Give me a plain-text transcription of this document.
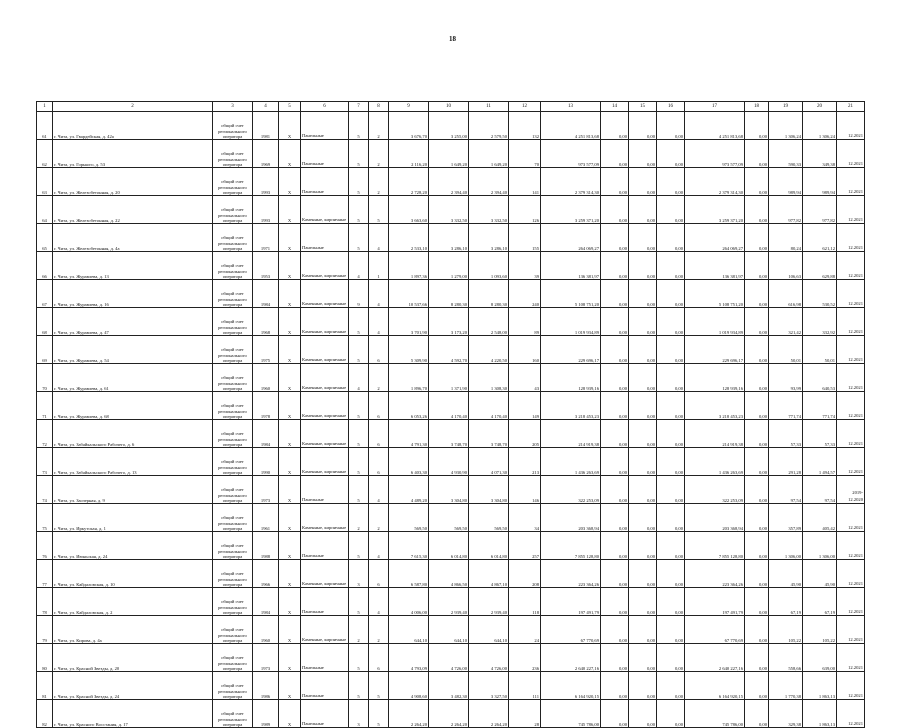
18
1	2	3	4	5	6	7	8	9	10	11	12	13	14	15	16	17	18	19	20	21
61	г. Чита, ул. Гвардейская, д. 42а	общий счет регионального оператора	1981	X	Панельные	5	2	3 676,70	3 255,00	2 579,50	132	4 251 813,68	0,00	0,00	0,00	4 251 813,68	0,00	1 306,24	1 306,24	12.2021
62	г. Чита, ул. Горького, д. 53	общий счет регионального оператора	1969	X	Панельные	5	2	2 116,20	1 649,20	1 649,20	70	973 577,09	0,00	0,00	0,00	973 577,09	0,00	590,33	349,38	12.2021
63	г. Чита, ул. Железобетонная, д. 20	общий счет регионального оператора	1993	X	Панельные	5	2	2 728,20	2 394,40	2 394,40	141	2 379 314,30	0,00	0,00	0,00	2 379 314,30	0,00	989,94	989,94	12.2021
64	г. Чита, ул. Железобетонная, д. 22	общий счет регионального оператора	1993	X	Каменные, кирпичные	5	5	3 663,60	3 332,50	3 332,50	126	3 259 371,20	0,00	0,00	0,00	3 259 371,20	0,00	977,82	977,82	12.2021
65	г. Чита, ул. Железобетонная, д. 4а	общий счет регионального оператора	1971	X	Панельные	5	4	2 533,10	3 286,10	3 286,10	155	264 069,27	0,00	0,00	0,00	264 069,27	0,00	80,24	621,12	12.2021
66	г. Чита, ул. Журавлева, д. 13	общий счет регионального оператора	1953	X	Каменные, кирпичные	4	1	1 897,36	1 279,00	1 093,60	39	136 381,97	0,00	0,00	0,00	136 381,97	0,00	106,63	629,88	12.2021
67	г. Чита, ул. Журавлева, д. 16	общий счет регионального оператора	1984	X	Каменные, кирпичные	9	4	10 537,66	8 280,30	8 280,30	240	5 108 751,20	0,00	0,00	0,00	5 108 751,20	0,00	616,98	530,52	12.2021
68	г. Чита, ул. Журавлева, д. 47	общий счет регионального оператора	1968	X	Каменные, кирпичные	5	4	3 701,90	3 173,20	2 548,00	89	1 019 934,89	0,00	0,00	0,00	1 019 934,89	0,00	321,42	332,92	12.2021
69	г. Чита, ул. Журавлева, д. 54	общий счет регионального оператора	1975	X	Каменные, кирпичные	5	6	5 309,90	4 592,70	4 220,50	160	229 696,17	0,00	0,00	0,00	229 696,17	0,00	50,01	50,01	12.2021
70	г. Чита, ул. Журавлева, д. 61	общий счет регионального оператора	1960	X	Каменные, кирпичные	4	2	1 896,70	1 371,90	1 308,30	43	128 939,16	0,00	0,00	0,00	128 939,16	0,00	93,99	640,53	12.2021
71	г. Чита, ул. Журавлева, д. 68	общий счет регионального оператора	1978	X	Каменные, кирпичные	5	6	6 053,26	4 170,40	4 170,40	149	3 218 453,23	0,00	0,00	0,00	3 218 453,23	0,00	771,74	771,74	12.2021
72	г. Чита, ул. Забайкальского Рабочего, д. 6	общий счет регионального оператора	1984	X	Каменные, кирпичные	5	6	4 791,30	3 748,70	3 748,70	205	214 919,38	0,00	0,00	0,00	214 919,38	0,00	57,33	57,33	12.2021
73	г. Чита, ул. Забайкальского Рабочего, д. 13	общий счет регионального оператора	1990	X	Каменные, кирпичные	5	6	6 403,30	4 930,90	4 071,30	213	1 436 263,69	0,00	0,00	0,00	1 436 263,69	0,00	291,28	1 494,57	12.2021
74	г. Чита, ул. Заозерная, д. 9	общий счет регионального оператора	1973	X	Панельные	5	4	4 489,20	3 304,80	3 304,80	146	322 253,09	0,00	0,00	0,00	322 253,09	0,00	97,54	97,54	2019-12.2020
75	г. Чита, ул. Иркутская, д. 1	общий счет регионального оператора	1961	X	Каменные, кирпичные	2	2	569,50	569,50	569,50	34	203 368,94	0,00	0,00	0,00	203 368,94	0,00	357,89	405,42	12.2021
76	г. Чита, ул. Июньская, д. 24	общий счет регионального оператора	1988	X	Панельные	5	4	7 615,30	6 014,80	6 014,80	257	7 855 128,80	0,00	0,00	0,00	7 855 128,80	0,00	1 306,00	1 306,00	12.2021
77	г. Чита, ул. Кайдаловская, д. 10	общий счет регионального оператора	1966	X	Каменные, кирпичные	3	6	6 587,80	4 866,50	4 867,10	208	223 364,26	0,00	0,00	0,00	223 364,26	0,00	45,90	45,90	12.2021
78	г. Чита, ул. Кайдаловская, д. 2	общий счет регионального оператора	1984	X	Панельные	5	4	4 006,00	2 939,40	2 939,40	118	197 491,79	0,00	0,00	0,00	197 491,79	0,00	67,19	67,19	12.2021
79	г. Чита, ул. Кирова, д. 4а	общий счет регионального оператора	1960	X	Каменные, кирпичные	2	2	644,10	644,10	644,10	24	67 770,69	0,00	0,00	0,00	67 770,69	0,00	105,22	105,22	12.2021
80	г. Чита, ул. Красной Звезды, д. 20	общий счет регионального оператора	1973	X	Панельные	5	6	4 793,09	4 726,00	4 726,00	236	2 640 227,16	0,00	0,00	0,00	2 640 227,16	0,00	558,66	639,00	12.2021
81	г. Чита, ул. Красной Звезды, д. 24	общий счет регионального оператора	1986	X	Панельные	5	5	4 908,60	3 482,30	3 327,50	111	6 164 920,15	0,00	0,00	0,00	6 164 920,15	0,00	1 770,38	1 863,13	12.2021
82	г. Чита, ул. Красного Восстания, д. 17	общий счет регионального оператора	1989	X	Панельные	3	5	2 264,20	2 264,20	2 264,20	28	745 786,00	0,00	0,00	0,00	745 786,00	0,00	329,38	1 863,13	12.2021
